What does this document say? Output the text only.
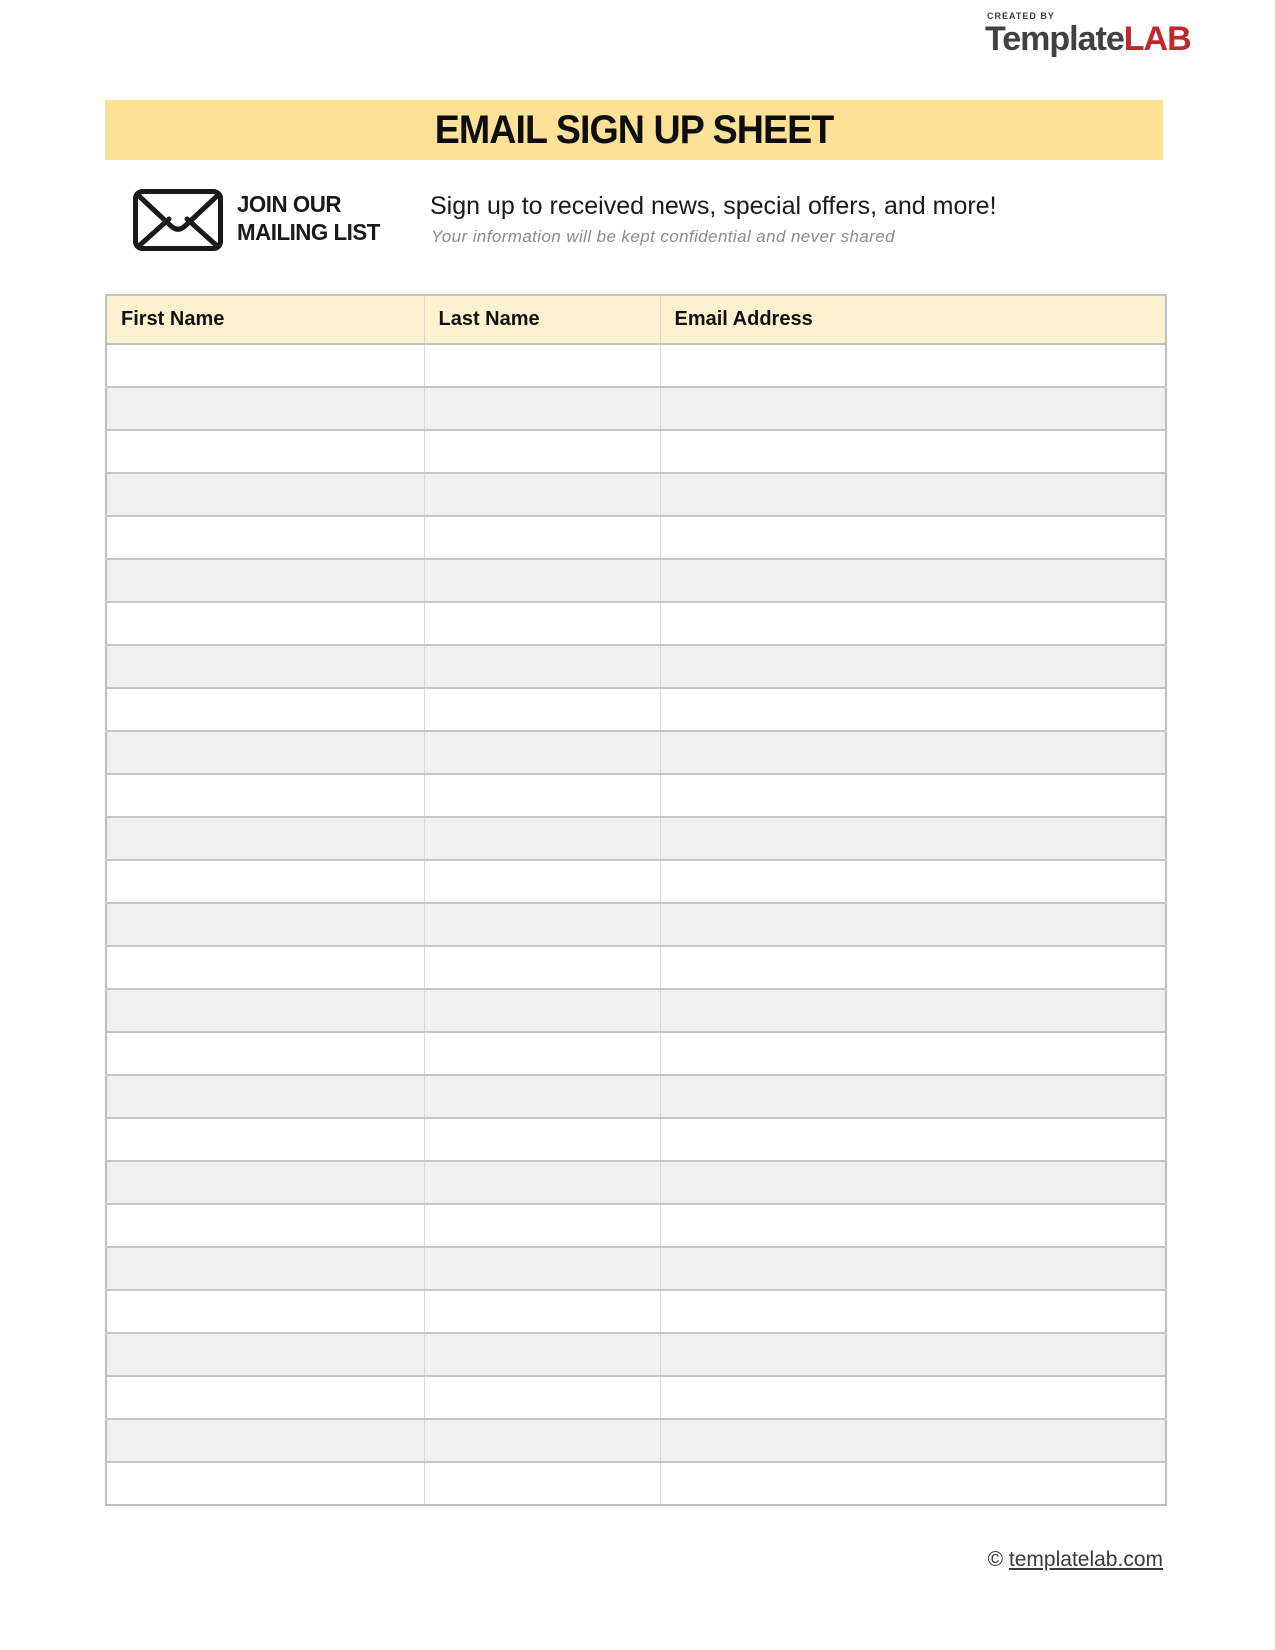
CREATED BY
TemplateLAB
EMAIL SIGN UP SHEET
JOIN OUR
MAILING LIST
Sign up to received news, special offers, and more!
Your information will be kept confidential and never shared
First Name	Last Name	Email Address

© templatelab.com
